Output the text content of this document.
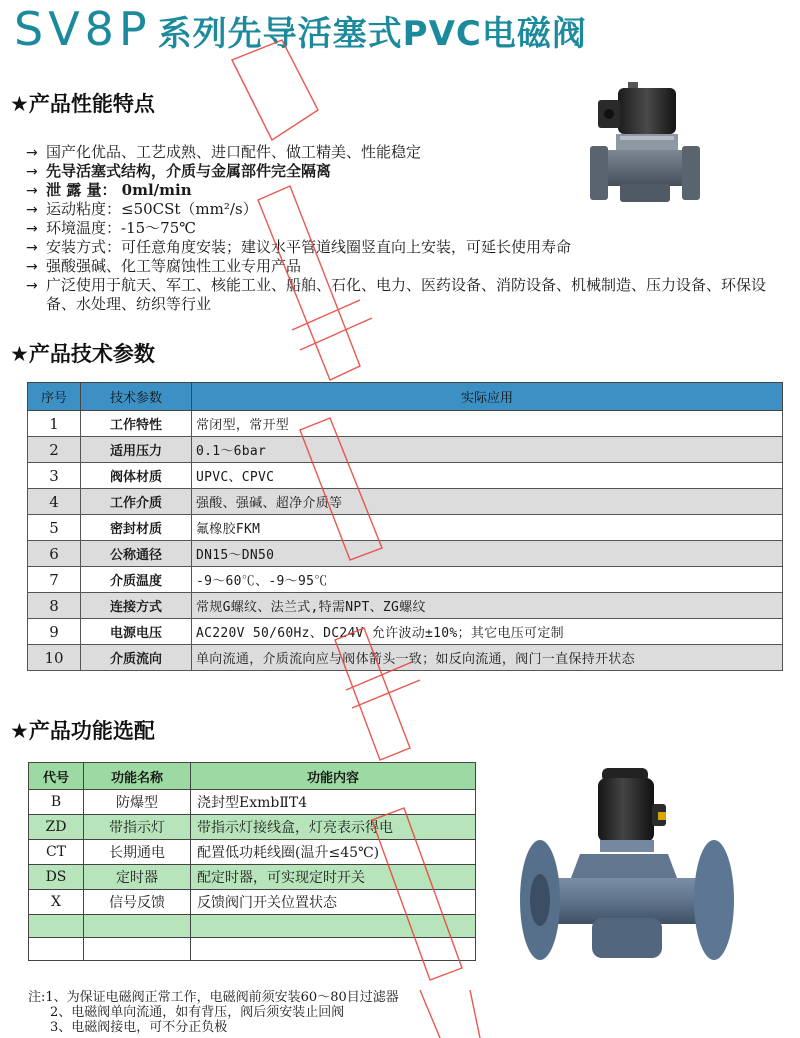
SV8P 系列先导活塞式PVC电磁阀
★产品性能特点
→ 国产化优品、工艺成熟、进口配件、做工精美、性能稳定
→ 先导活塞式结构，介质与金属部件完全隔离
→ 泄 露 量： 0ml/min
→ 运动粘度：≤50CSt（mm²/s）
→ 环境温度：-15～75℃
→ 安装方式：可任意角度安装；建议水平管道线圈竖直向上安装，可延长使用寿命
→ 强酸强碱、化工等腐蚀性工业专用产品
→ 广泛使用于航天、军工、核能工业、船舶、石化、电力、医药设备、消防设备、机械制造、压力设备、环保设备、水处理、纺织等行业
★产品技术参数
序号	技术参数	实际应用
1	工作特性	常闭型，常开型
2	适用压力	0.1～6bar
3	阀体材质	UPVC、CPVC
4	工作介质	强酸、强碱、超净介质等
5	密封材质	氟橡胶FKM
6	公称通径	DN15～DN50
7	介质温度	-9～60℃、-9～95℃
8	连接方式	常规G螺纹、法兰式,特需NPT、ZG螺纹
9	电源电压	AC220V 50/60Hz、DC24V 允许波动±10%；其它电压可定制
10	介质流向	单向流通，介质流向应与阀体箭头一致；如反向流通，阀门一直保持开状态
★产品功能选配
代号	功能名称	功能内容
B	防爆型	浇封型ExmbⅡT4
ZD	带指示灯	带指示灯接线盒，灯亮表示得电
CT	长期通电	配置低功耗线圈(温升≤45℃)
DS	定时器	配定时器，可实现定时开关
X	信号反馈	反馈阀门开关位置状态

注:1、为保证电磁阀正常工作，电磁阀前须安装60～80目过滤器
2、电磁阀单向流通，如有背压，阀后须安装止回阀
3、电磁阀接电，可不分正负极
